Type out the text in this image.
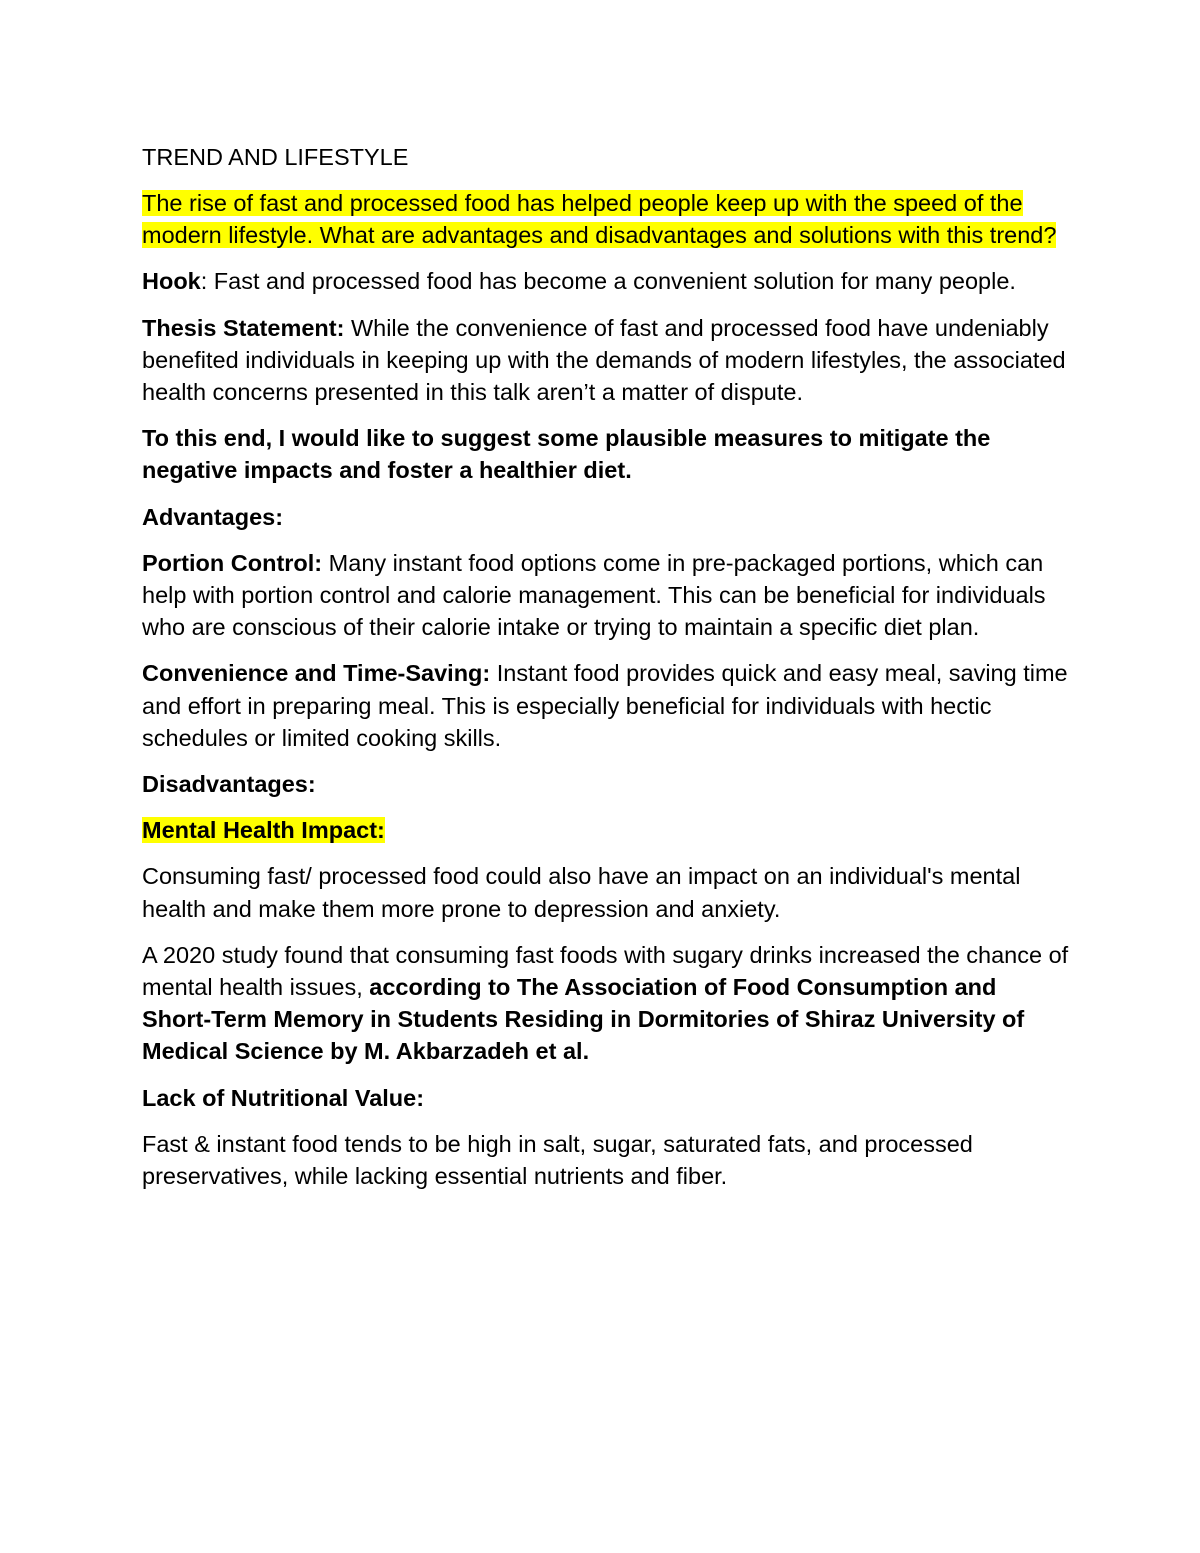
TREND AND LIFESTYLE

The rise of fast and processed food has helped people keep up with the speed of the modern lifestyle. What are advantages and disadvantages and solutions with this trend?

Hook: Fast and processed food has become a convenient solution for many people.

Thesis Statement: While the convenience of fast and processed food have undeniably benefited individuals in keeping up with the demands of modern lifestyles, the associated health concerns presented in this talk aren’t a matter of dispute.

To this end, I would like to suggest some plausible measures to mitigate the negative impacts and foster a healthier diet.

Advantages:

Portion Control: Many instant food options come in pre-packaged portions, which can help with portion control and calorie management. This can be beneficial for individuals who are conscious of their calorie intake or trying to maintain a specific diet plan.

Convenience and Time-Saving: Instant food provides quick and easy meal, saving time and effort in preparing meal. This is especially beneficial for individuals with hectic schedules or limited cooking skills.

Disadvantages:

Mental Health Impact:

Consuming fast/ processed food could also have an impact on an individual's mental health and make them more prone to depression and anxiety.

A 2020 study found that consuming fast foods with sugary drinks increased the chance of mental health issues, according to The Association of Food Consumption and Short-Term Memory in Students Residing in Dormitories of Shiraz University of Medical Science by M. Akbarzadeh et al.

Lack of Nutritional Value:

Fast & instant food tends to be high in salt, sugar, saturated fats, and processed preservatives, while lacking essential nutrients and fiber.
